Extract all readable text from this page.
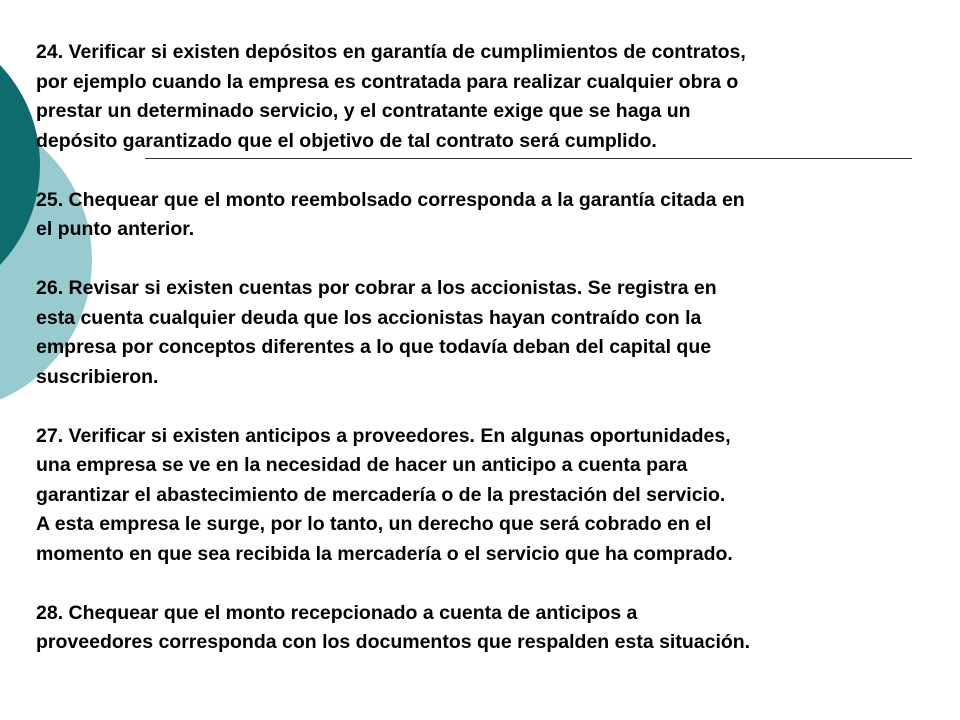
24. Verificar si existen depósitos en garantía de cumplimientos de contratos,
por ejemplo cuando la empresa es contratada para realizar cualquier obra o
prestar un determinado servicio, y el contratante exige que se haga un
depósito garantizado que el objetivo de tal contrato será cumplido.

25. Chequear que el monto reembolsado corresponda a la garantía citada en
el punto anterior.

26. Revisar si existen cuentas por cobrar a los accionistas. Se registra en
esta cuenta cualquier deuda que los accionistas hayan contraído con la
empresa por conceptos diferentes a lo que todavía deban del capital que
suscribieron.

27. Verificar si existen anticipos a proveedores. En algunas oportunidades,
una empresa se ve en la necesidad de hacer un anticipo a cuenta para
garantizar el abastecimiento de mercadería o de la prestación del servicio.
A esta empresa le surge, por lo tanto, un derecho que será cobrado en el
momento en que sea recibida la mercadería o el servicio que ha comprado.

28. Chequear que el monto recepcionado a cuenta de anticipos a
proveedores corresponda con los documentos que respalden esta situación.
